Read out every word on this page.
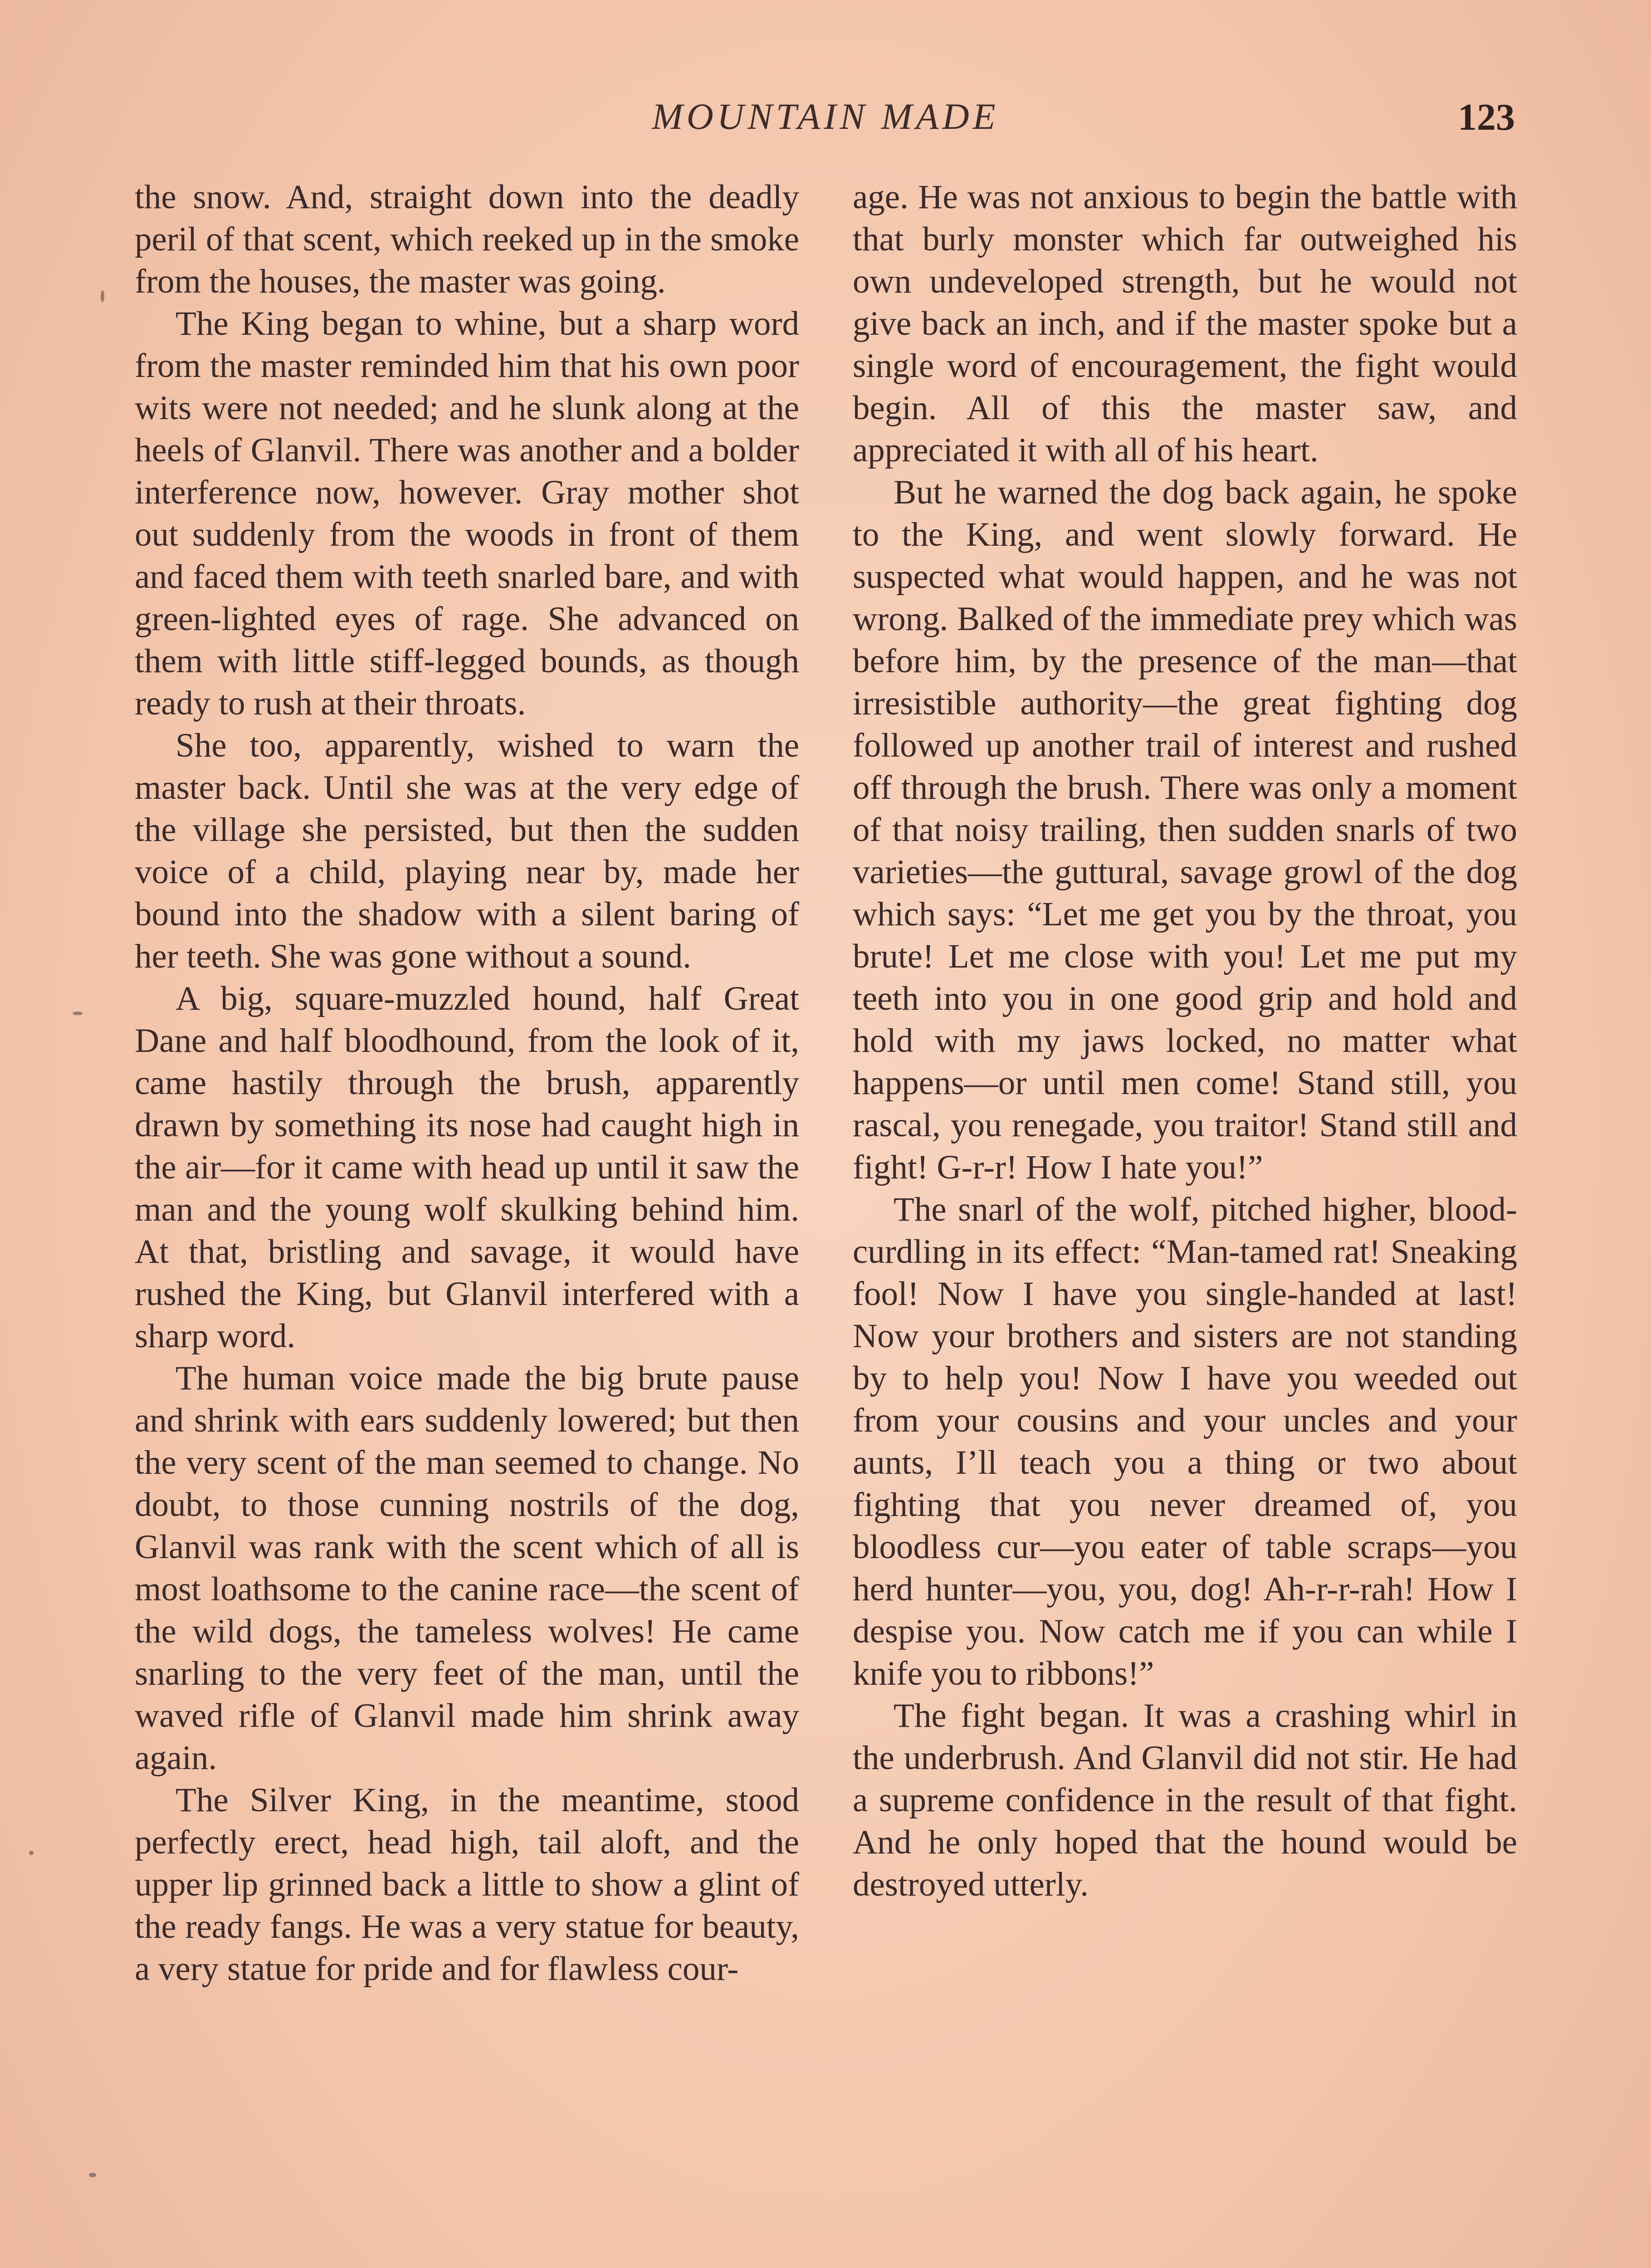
MOUNTAIN MADE	123

the snow. And, straight down into the deadly peril of that scent, which reeked up in the smoke from the houses, the master was going.

The King began to whine, but a sharp word from the master reminded him that his own poor wits were not needed; and he slunk along at the heels of Glanvil. There was another and a bolder interference now, however. Gray mother shot out suddenly from the woods in front of them and faced them with teeth snarled bare, and with green-lighted eyes of rage. She advanced on them with little stiff-legged bounds, as though ready to rush at their throats.

She too, apparently, wished to warn the master back. Until she was at the very edge of the village she persisted, but then the sudden voice of a child, playing near by, made her bound into the shadow with a silent baring of her teeth. She was gone without a sound.

A big, square-muzzled hound, half Great Dane and half bloodhound, from the look of it, came hastily through the brush, apparently drawn by something its nose had caught high in the air—for it came with head up until it saw the man and the young wolf skulking behind him. At that, bristling and savage, it would have rushed the King, but Glanvil interfered with a sharp word.

The human voice made the big brute pause and shrink with ears suddenly lowered; but then the very scent of the man seemed to change. No doubt, to those cunning nostrils of the dog, Glanvil was rank with the scent which of all is most loathsome to the canine race—the scent of the wild dogs, the tameless wolves! He came snarling to the very feet of the man, until the waved rifle of Glanvil made him shrink away again.

The Silver King, in the meantime, stood perfectly erect, head high, tail aloft, and the upper lip grinned back a little to show a glint of the ready fangs. He was a very statue for beauty, a very statue for pride and for flawless cour-

age. He was not anxious to begin the battle with that burly monster which far outweighed his own undeveloped strength, but he would not give back an inch, and if the master spoke but a single word of encouragement, the fight would begin. All of this the master saw, and appreciated it with all of his heart.

But he warned the dog back again, he spoke to the King, and went slowly forward. He suspected what would happen, and he was not wrong. Balked of the immediate prey which was before him, by the presence of the man—that irresistible authority—the great fighting dog followed up another trail of interest and rushed off through the brush. There was only a moment of that noisy trailing, then sudden snarls of two varieties—the guttural, savage growl of the dog which says: “Let me get you by the throat, you brute! Let me close with you! Let me put my teeth into you in one good grip and hold and hold with my jaws locked, no matter what happens—or until men come! Stand still, you rascal, you renegade, you traitor! Stand still and fight! G-r-r! How I hate you!”

The snarl of the wolf, pitched higher, blood-curdling in its effect: “Man-tamed rat! Sneaking fool! Now I have you single-handed at last! Now your brothers and sisters are not standing by to help you! Now I have you weeded out from your cousins and your uncles and your aunts, I’ll teach you a thing or two about fighting that you never dreamed of, you bloodless cur—you eater of table scraps—you herd hunter—you, you, dog! Ah-r-r-rah! How I despise you. Now catch me if you can while I knife you to ribbons!”

The fight began. It was a crashing whirl in the underbrush. And Glanvil did not stir. He had a supreme confidence in the result of that fight. And he only hoped that the hound would be destroyed utterly.
